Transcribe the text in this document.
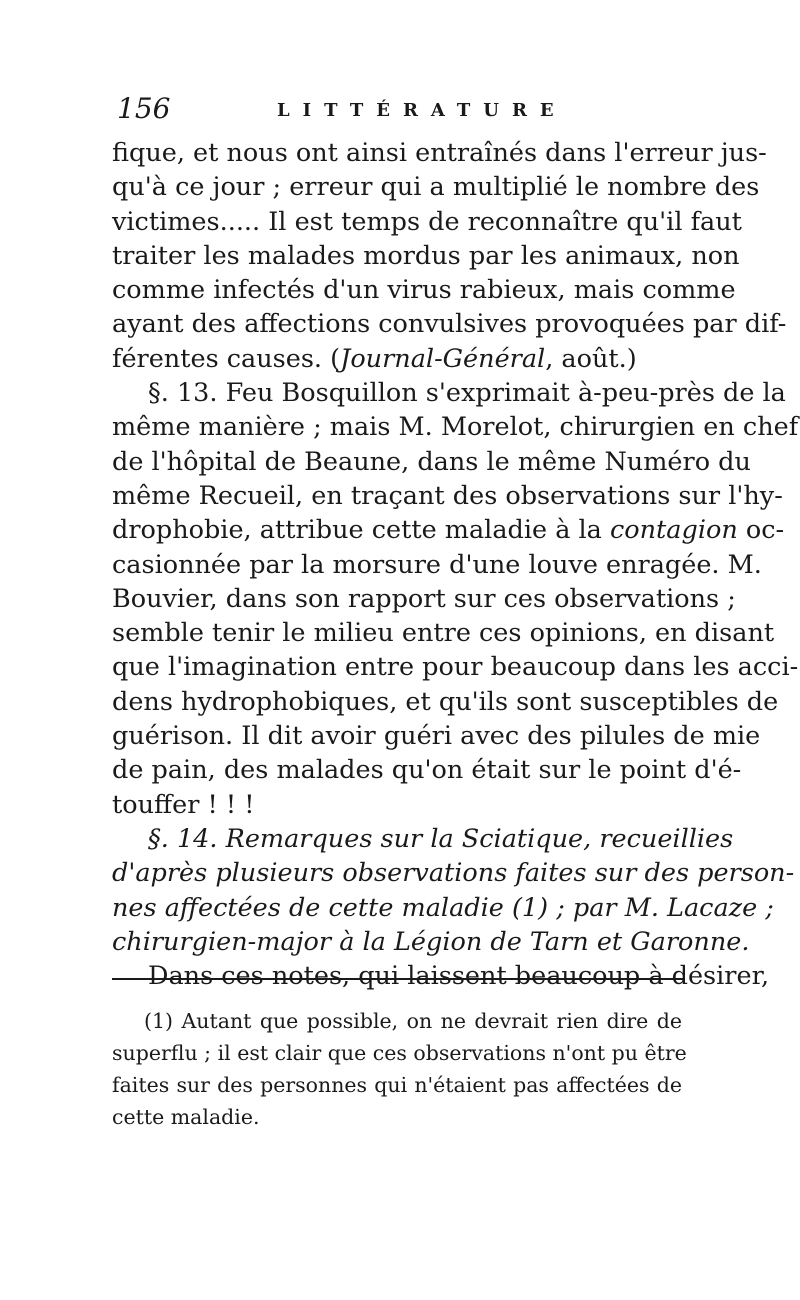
156	LITTÉRATURE
fique, et nous ont ainsi entraînés dans l'erreur jus-
qu'à ce jour ; erreur qui a multiplié le nombre des
victimes..... Il est temps de reconnaître qu'il faut
traiter les malades mordus par les animaux, non
comme infectés d'un virus rabieux, mais comme
ayant des affections convulsives provoquées par dif-
férentes causes. (Journal-Général, août.)
§. 13. Feu Bosquillon s'exprimait à-peu-près de la
même manière ; mais M. Morelot, chirurgien en chef
de l'hôpital de Beaune, dans le même Numéro du
même Recueil, en traçant des observations sur l'hy-
drophobie, attribue cette maladie à la contagion oc-
casionnée par la morsure d'une louve enragée. M.
Bouvier, dans son rapport sur ces observations ;
semble tenir le milieu entre ces opinions, en disant
que l'imagination entre pour beaucoup dans les acci-
dens hydrophobiques, et qu'ils sont susceptibles de
guérison. Il dit avoir guéri avec des pilules de mie
de pain, des malades qu'on était sur le point d'é-
touffer ! ! !
§. 14. Remarques sur la Sciatique, recueillies
d'après plusieurs observations faites sur des person-
nes affectées de cette maladie (1) ; par M. Lacaze ;
chirurgien-major à la Légion de Tarn et Garonne.
Dans ces notes, qui laissent beaucoup à désirer,
(1) Autant que possible, on ne devrait rien dire de
superflu ; il est clair que ces observations n'ont pu être
faites sur des personnes qui n'étaient pas affectées de
cette maladie.
